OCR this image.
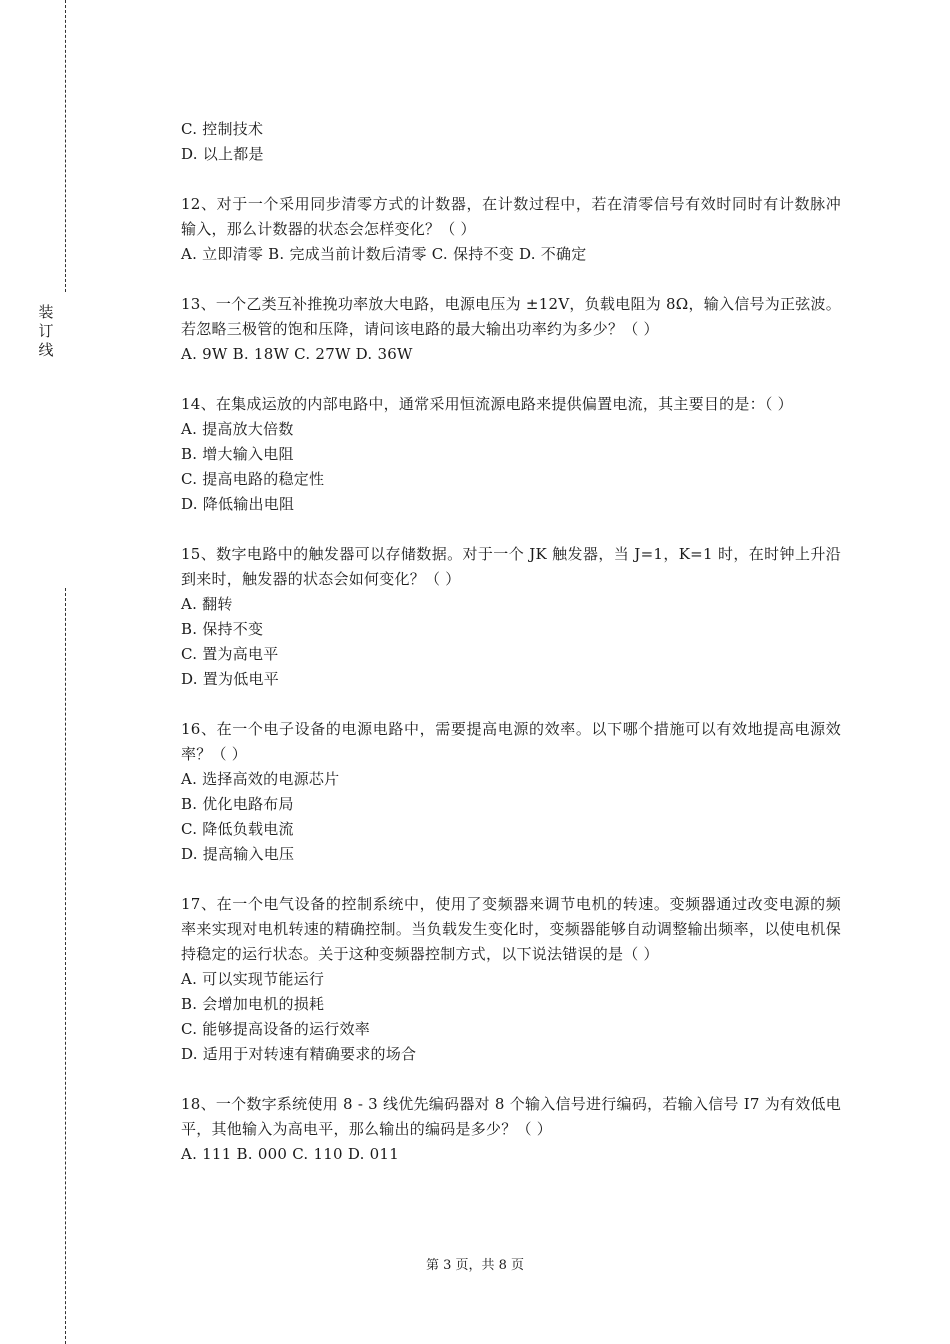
装
订
线

C. 控制技术

D. 以上都是

12、对于一个采用同步清零方式的计数器，在计数过程中，若在清零信号有效时同时有计数脉冲输入，那么计数器的状态会怎样变化？（ ）

A. 立即清零 B. 完成当前计数后清零 C. 保持不变 D. 不确定

13、一个乙类互补推挽功率放大电路，电源电压为 ±12V，负载电阻为 8Ω，输入信号为正弦波。若忽略三极管的饱和压降，请问该电路的最大输出功率约为多少？（ ）

A. 9W B. 18W C. 27W D. 36W

14、在集成运放的内部电路中，通常采用恒流源电路来提供偏置电流，其主要目的是：（ ）

A. 提高放大倍数

B. 增大输入电阻

C. 提高电路的稳定性

D. 降低输出电阻

15、数字电路中的触发器可以存储数据。对于一个 JK 触发器，当 J=1，K=1 时，在时钟上升沿到来时，触发器的状态会如何变化？（ ）

A. 翻转

B. 保持不变

C. 置为高电平

D. 置为低电平

16、在一个电子设备的电源电路中，需要提高电源的效率。以下哪个措施可以有效地提高电源效率？（ ）

A. 选择高效的电源芯片

B. 优化电路布局

C. 降低负载电流

D. 提高输入电压

17、在一个电气设备的控制系统中，使用了变频器来调节电机的转速。变频器通过改变电源的频率来实现对电机转速的精确控制。当负载发生变化时，变频器能够自动调整输出频率，以使电机保持稳定的运行状态。关于这种变频器控制方式，以下说法错误的是（ ）

A. 可以实现节能运行

B. 会增加电机的损耗

C. 能够提高设备的运行效率

D. 适用于对转速有精确要求的场合

18、一个数字系统使用 8 - 3 线优先编码器对 8 个输入信号进行编码，若输入信号 I7 为有效低电平，其他输入为高电平，那么输出的编码是多少？（ ）

A. 111 B. 000 C. 110 D. 011

第 3 页，共 8 页
